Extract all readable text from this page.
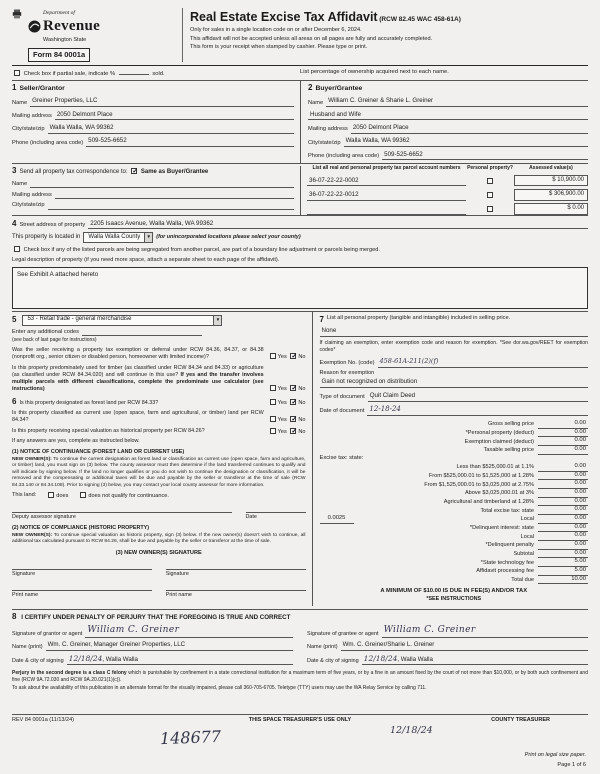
Department of
Revenue
Washington State
Form 84 0001a
Real Estate Excise Tax Affidavit (RCW 82.45 WAC 458-61A)
Only for sales in a single location code on or after December 6, 2024.
This affidavit will not be accepted unless all areas on all pages are fully and accurately completed.
This form is your receipt when stamped by cashier. Please type or print.
Check box if partial sale, indicate %	sold.	List percentage of ownership acquired next to each name.
1 Seller/Grantor
Name Greiner Properties, LLC
Mailing address 2050 Delmont Place
City/state/zip Walla Walla, WA 99362
Phone (including area code) 509-525-6652
2 Buyer/Grantee
Name William C. Greiner & Sharie L. Greiner
Husband and Wife
Mailing address 2050 Delmont Place
City/state/zip Walla Walla, WA 99362
Phone (including area code) 509-525-6652
3 Send all property tax correspondence to: ✓ Same as Buyer/Grantee
Name
Mailing address
City/state/zip
List all real and personal property tax parcel account numbers	Personal property?	Assessed value(s)
36-07-22-22-0002	$ 10,900.00
36-07-22-22-0012	$ 306,900.00
$ 0.00
4 Street address of property 2205 Isaacs Avenue, Walla Walla, WA 99362
This property is located in	Walla Walla County	▼ (for unincorporated locations please select your county)
Check box if any of the listed parcels are being segregated from another parcel, are part of a boundary line adjustment or parcels being merged.
Legal description of property (if you need more space, attach a separate sheet to each page of the affidavit).
See Exhibit A attached hereto
5	53 - Retail trade - general merchandise	▼
Enter any additional codes
(see back of last page for instructions)
Was the seller receiving a property tax exemption or deferral under RCW 84.36, 84.37, or 84.38 (nonprofit org., senior citizen or disabled person, homeowner with limited income)?	Yes ✓ No
Is this property predominately used for timber (as classified under RCW 84.34 and 84.33) or agriculture (as classified under RCW 84.34.020) and will continue in this use? If yes and the transfer involves multiple parcels with different classifications, complete the predominate use calculator (see instructions)	Yes ✓ No
6 Is this property designated as forest land per RCW 84.33?	Yes ✓ No
Is this property classified as current use (open space, farm and agricultural, or timber) land per RCW 84.34?	Yes ✓ No
Is this property receiving special valuation as historical property per RCW 84.26?	Yes ✓ No
If any answers are yes, complete as instructed below.
(1) NOTICE OF CONTINUANCE (FOREST LAND OR CURRENT USE)
NEW OWNER(S): To continue the current designation as forest land or classification as current use (open space, farm and agriculture, or timber) land, you must sign on (3) below. The county assessor must then determine if the land transferred continues to qualify and will indicate by signing below. If the land no longer qualifies or you do not wish to continue the designation or classification, it will be removed and the compensating or additional taxes will be due and payable by the seller or transferor at the time of sale (RCW 84.33.140 or 84.34.108). Prior to signing (3) below, you may contact your local county assessor for more information.
This land:	does	does not qualify for continuance.
Deputy assessor signature	Date
(2) NOTICE OF COMPLIANCE (HISTORIC PROPERTY)
NEW OWNER(S): To continue special valuation as historic property, sign (3) below. If the new owner(s) doesn't wish to continue, all additional tax calculated pursuant to RCW 84.26, shall be due and payable by the seller or transferor at the time of sale.
(3) NEW OWNER(S) SIGNATURE
Signature	Signature
Print name	Print name
7 List all personal property (tangible and intangible) included in selling price.
None
If claiming an exemption, enter exemption code and reason for exemption. *See dor.wa.gov/REET for exemption codes*
Exemption No. (code) 458-61A-211(2)(f)
Reason for exemption
Gain not recognized on distribution
Type of document Quit Claim Deed
Date of document 12-18-24
Gross selling price	0.00
*Personal property (deduct)	0.00
Exemption claimed (deduct)	0.00
Taxable selling price	0.00
Excise tax: state:
Less than $525,000.01 at 1.1%	0.00
From $525,000.01 to $1,525,000 at 1.28%	0.00
From $1,525,000.01 to $3,025,000 at 2.75%	0.00
Above $3,025,000.01 at 3%	0.00
Agricultural and timberland at 1.28%	0.00
Total excise tax: state	0.00
0.0025	Local	0.00
*Delinquent interest: state	0.00
Local	0.00
*Delinquent penalty	0.00
Subtotal	0.00
*State technology fee	5.00
Affidavit processing fee	5.00
Total due	10.00
A MINIMUM OF $10.00 IS DUE IN FEE(S) AND/OR TAX
*SEE INSTRUCTIONS
8 I CERTIFY UNDER PENALTY OF PERJURY THAT THE FOREGOING IS TRUE AND CORRECT
Signature of grantor or agent William C. Greiner
Name (print) Wm. C. Greiner, Manager Greiner Properties, LLC
Date & city of signing 12/18/24, Walla Walla
Signature of grantee or agent William C. Greiner
Name (print) Wm. C. Greiner/Sharie L. Greiner
Date & city of signing 12/18/24, Walla Walla
Perjury in the second degree is a class C felony which is punishable by confinement in a state correctional institution for a maximum term of five years, or by a fine in an amount fixed by the court of not more than $10,000, or by both such confinement and fine (RCW 9A.72.030 and RCW 9A.20.021(1)(c)).
To ask about the availability of this publication in an alternate format for the visually impaired, please call 360-705-6705. Teletype (TTY) users may use the WA Relay Service by calling 711.
REV 84 0001a (11/13/24)	THIS SPACE TREASURER'S USE ONLY	COUNTY TREASURER
148677	12/18/24
Print on legal size paper.
Page 1 of 6
